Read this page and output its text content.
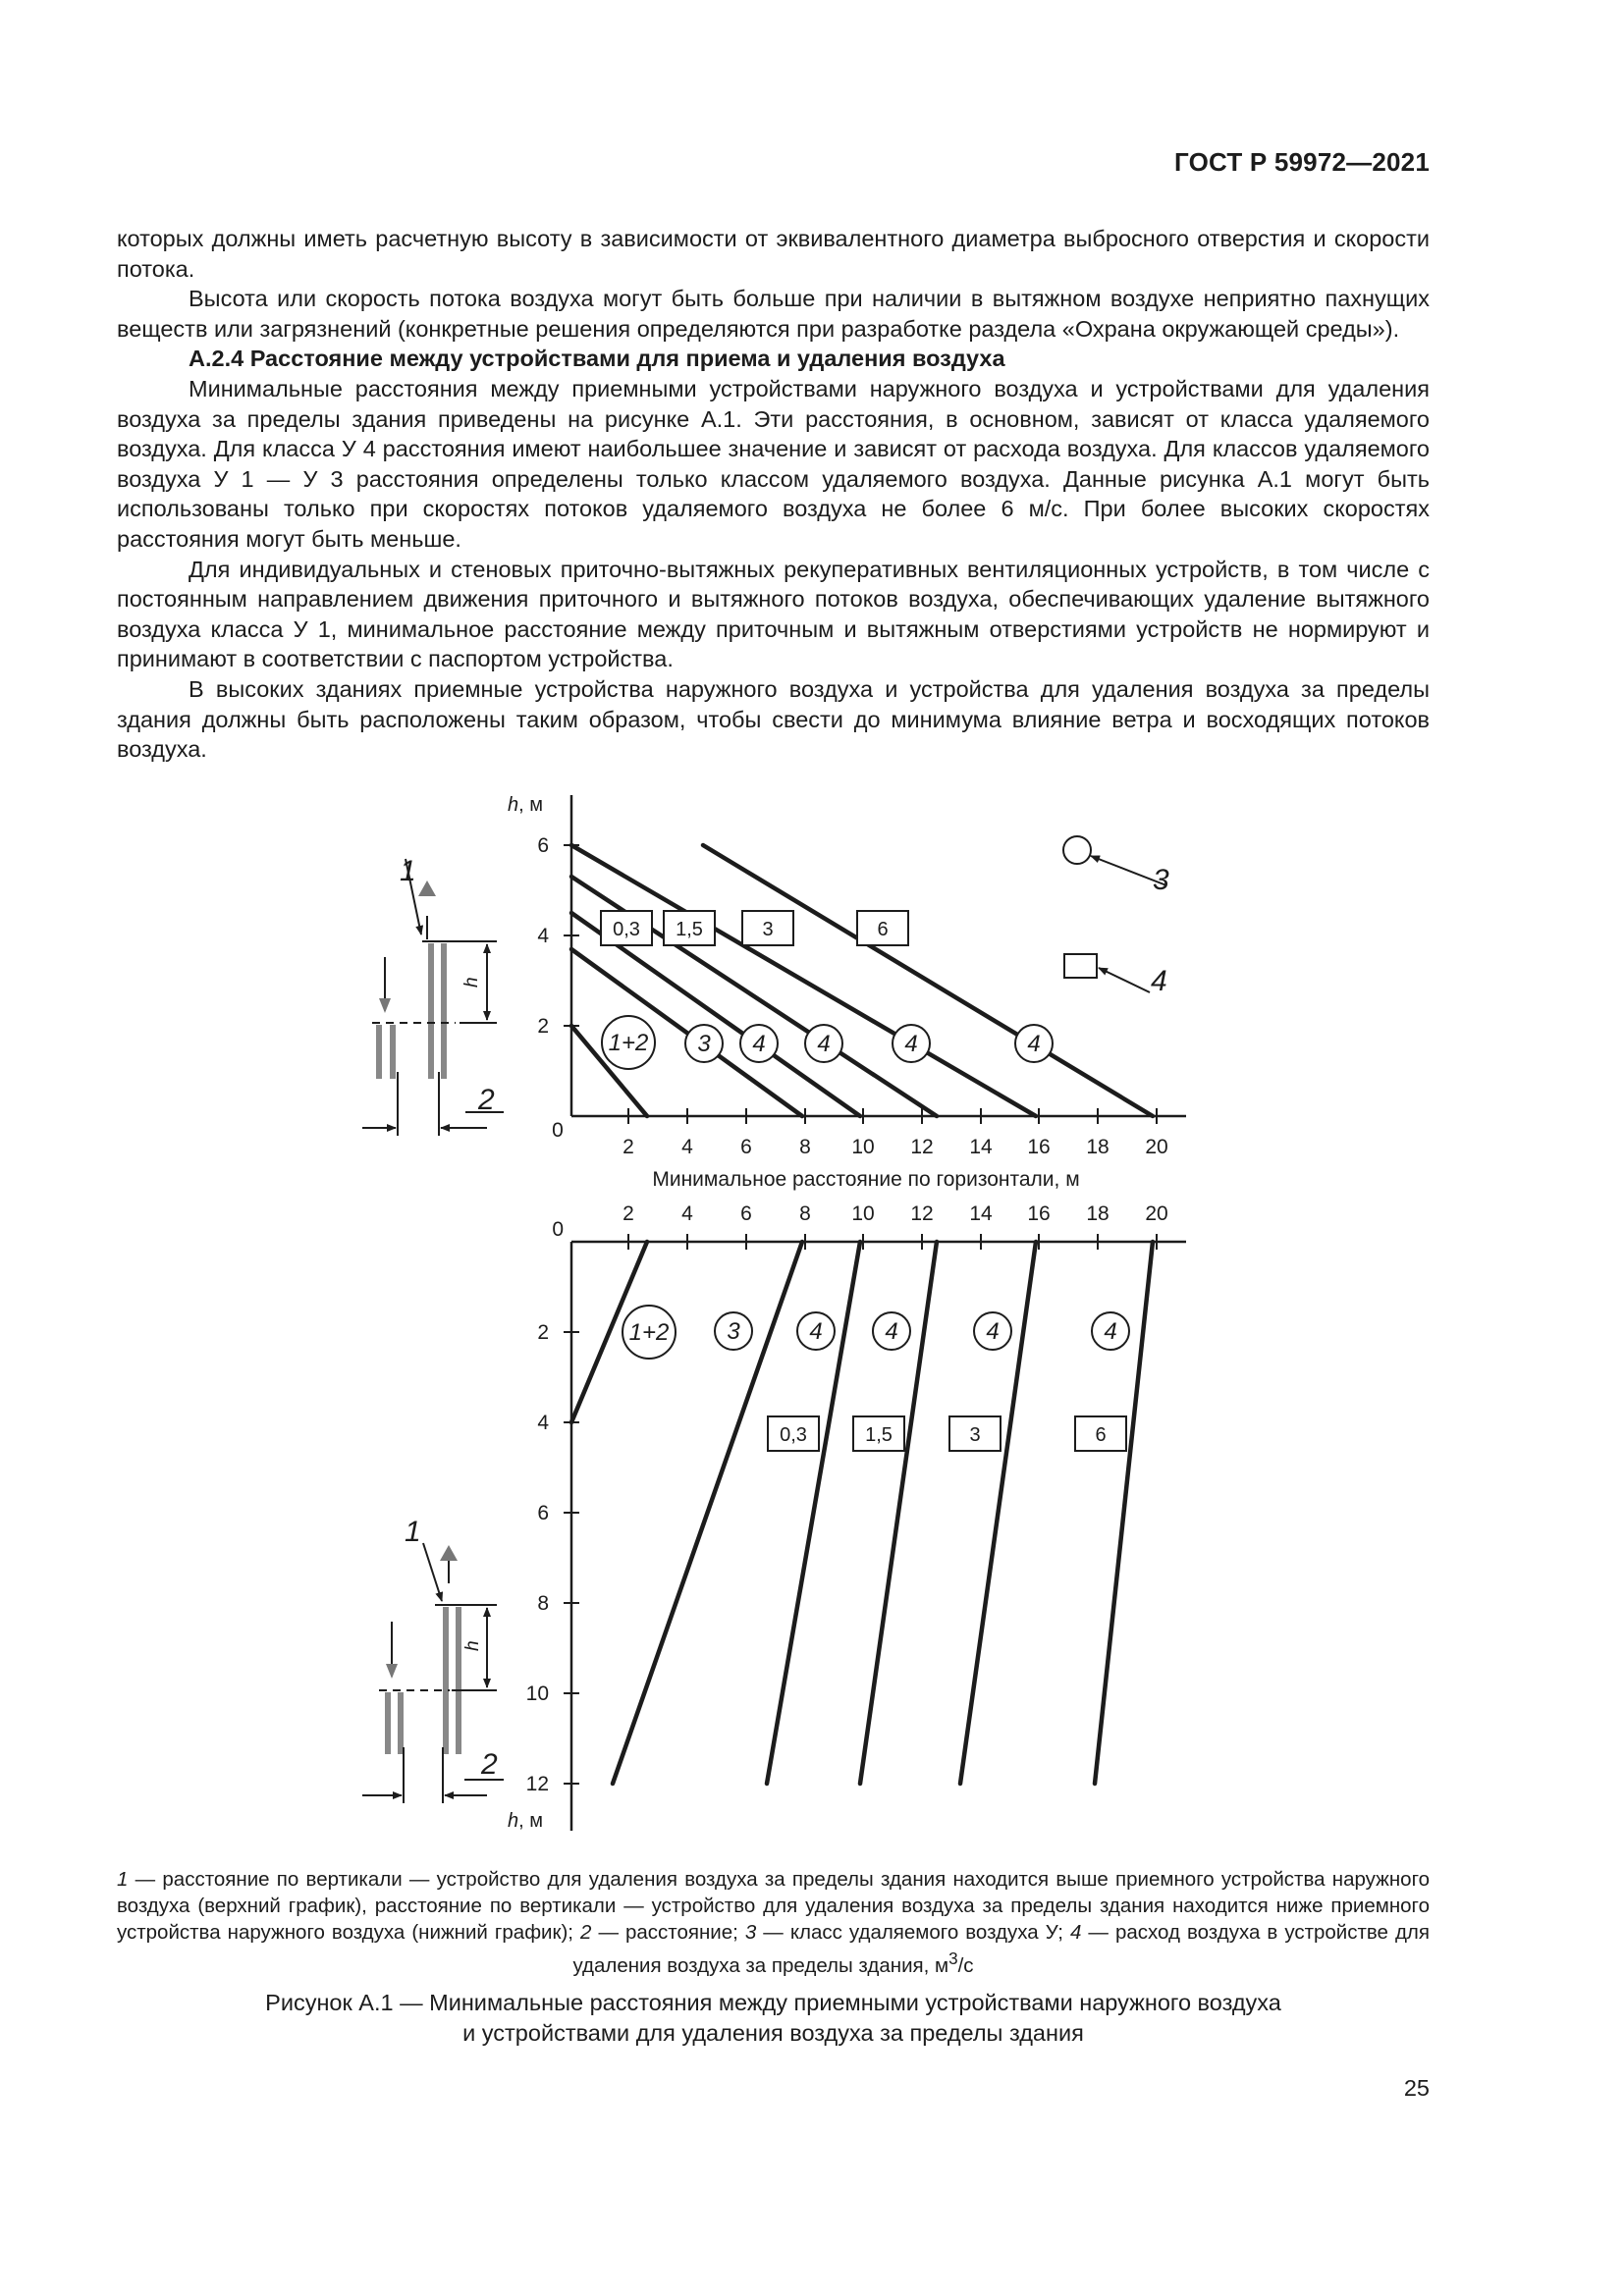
ГОСТ Р 59972—2021

которых должны иметь расчетную высоту в зависимости от эквивалентного диаметра выбросного отверстия и скорости потока.

Высота или скорость потока воздуха могут быть больше при наличии в вытяжном воздухе неприятно пахнущих веществ или загрязнений (конкретные решения определяются при разработке раздела «Охрана окружающей среды»).

А.2.4 Расстояние между устройствами для приема и удаления воздуха

Минимальные расстояния между приемными устройствами наружного воздуха и устройствами для удаления воздуха за пределы здания приведены на рисунке А.1. Эти расстояния, в основном, зависят от класса удаляемого воздуха. Для класса У 4 расстояния имеют наибольшее значение и зависят от расхода воздуха. Для классов удаляемого воздуха У 1 — У 3 расстояния определены только классом удаляемого воздуха. Данные рисунка А.1 могут быть использованы только при скоростях потоков удаляемого воздуха не более 6 м/с. При более высоких скоростях расстояния могут быть меньше.

Для индивидуальных и стеновых приточно-вытяжных рекуперативных вентиляционных устройств, в том числе с постоянным направлением движения приточного и вытяжного потоков воздуха, обеспечивающих удаление вытяжного воздуха класса У 1, минимальное расстояние между приточным и вытяжным отверстиями устройств не нормируют и принимают в соответствии с паспортом устройства.

В высоких зданиях приемные устройства наружного воздуха и устройства для удаления воздуха за пределы здания должны быть расположены таким образом, чтобы свести до минимума влияние ветра и восходящих потоков воздуха.

h, м
6
4
2
0
2 4 6 8 10 12 14 16 18 20
Минимальное расстояние по горизонтали, м
1+2 3 4 4	4	4
0,3 1,5	3	6
3
4
1
h
2
2 4 6 8 10 12 14 16 18 20
0
2
4
6
8
10
12
h, м
1+2 3	4	4	4	4
0,3	1,5	3	6
1
h
2
1 — расстояние по вертикали — устройство для удаления воздуха за пределы здания находится выше приемного устройства наружного воздуха (верхний график), расстояние по вертикали — устройство для удаления воздуха за пределы здания находится ниже приемного устройства наружного воздуха (нижний график); 2 — расстояние; 3 — класс удаляемого воздуха У; 4 — расход воздуха в устройстве для удаления воздуха за пределы здания, $м^3/с$
Рисунок А.1 — Минимальные расстояния между приемными устройствами наружного воздуха
и устройствами для удаления воздуха за пределы здания
25
